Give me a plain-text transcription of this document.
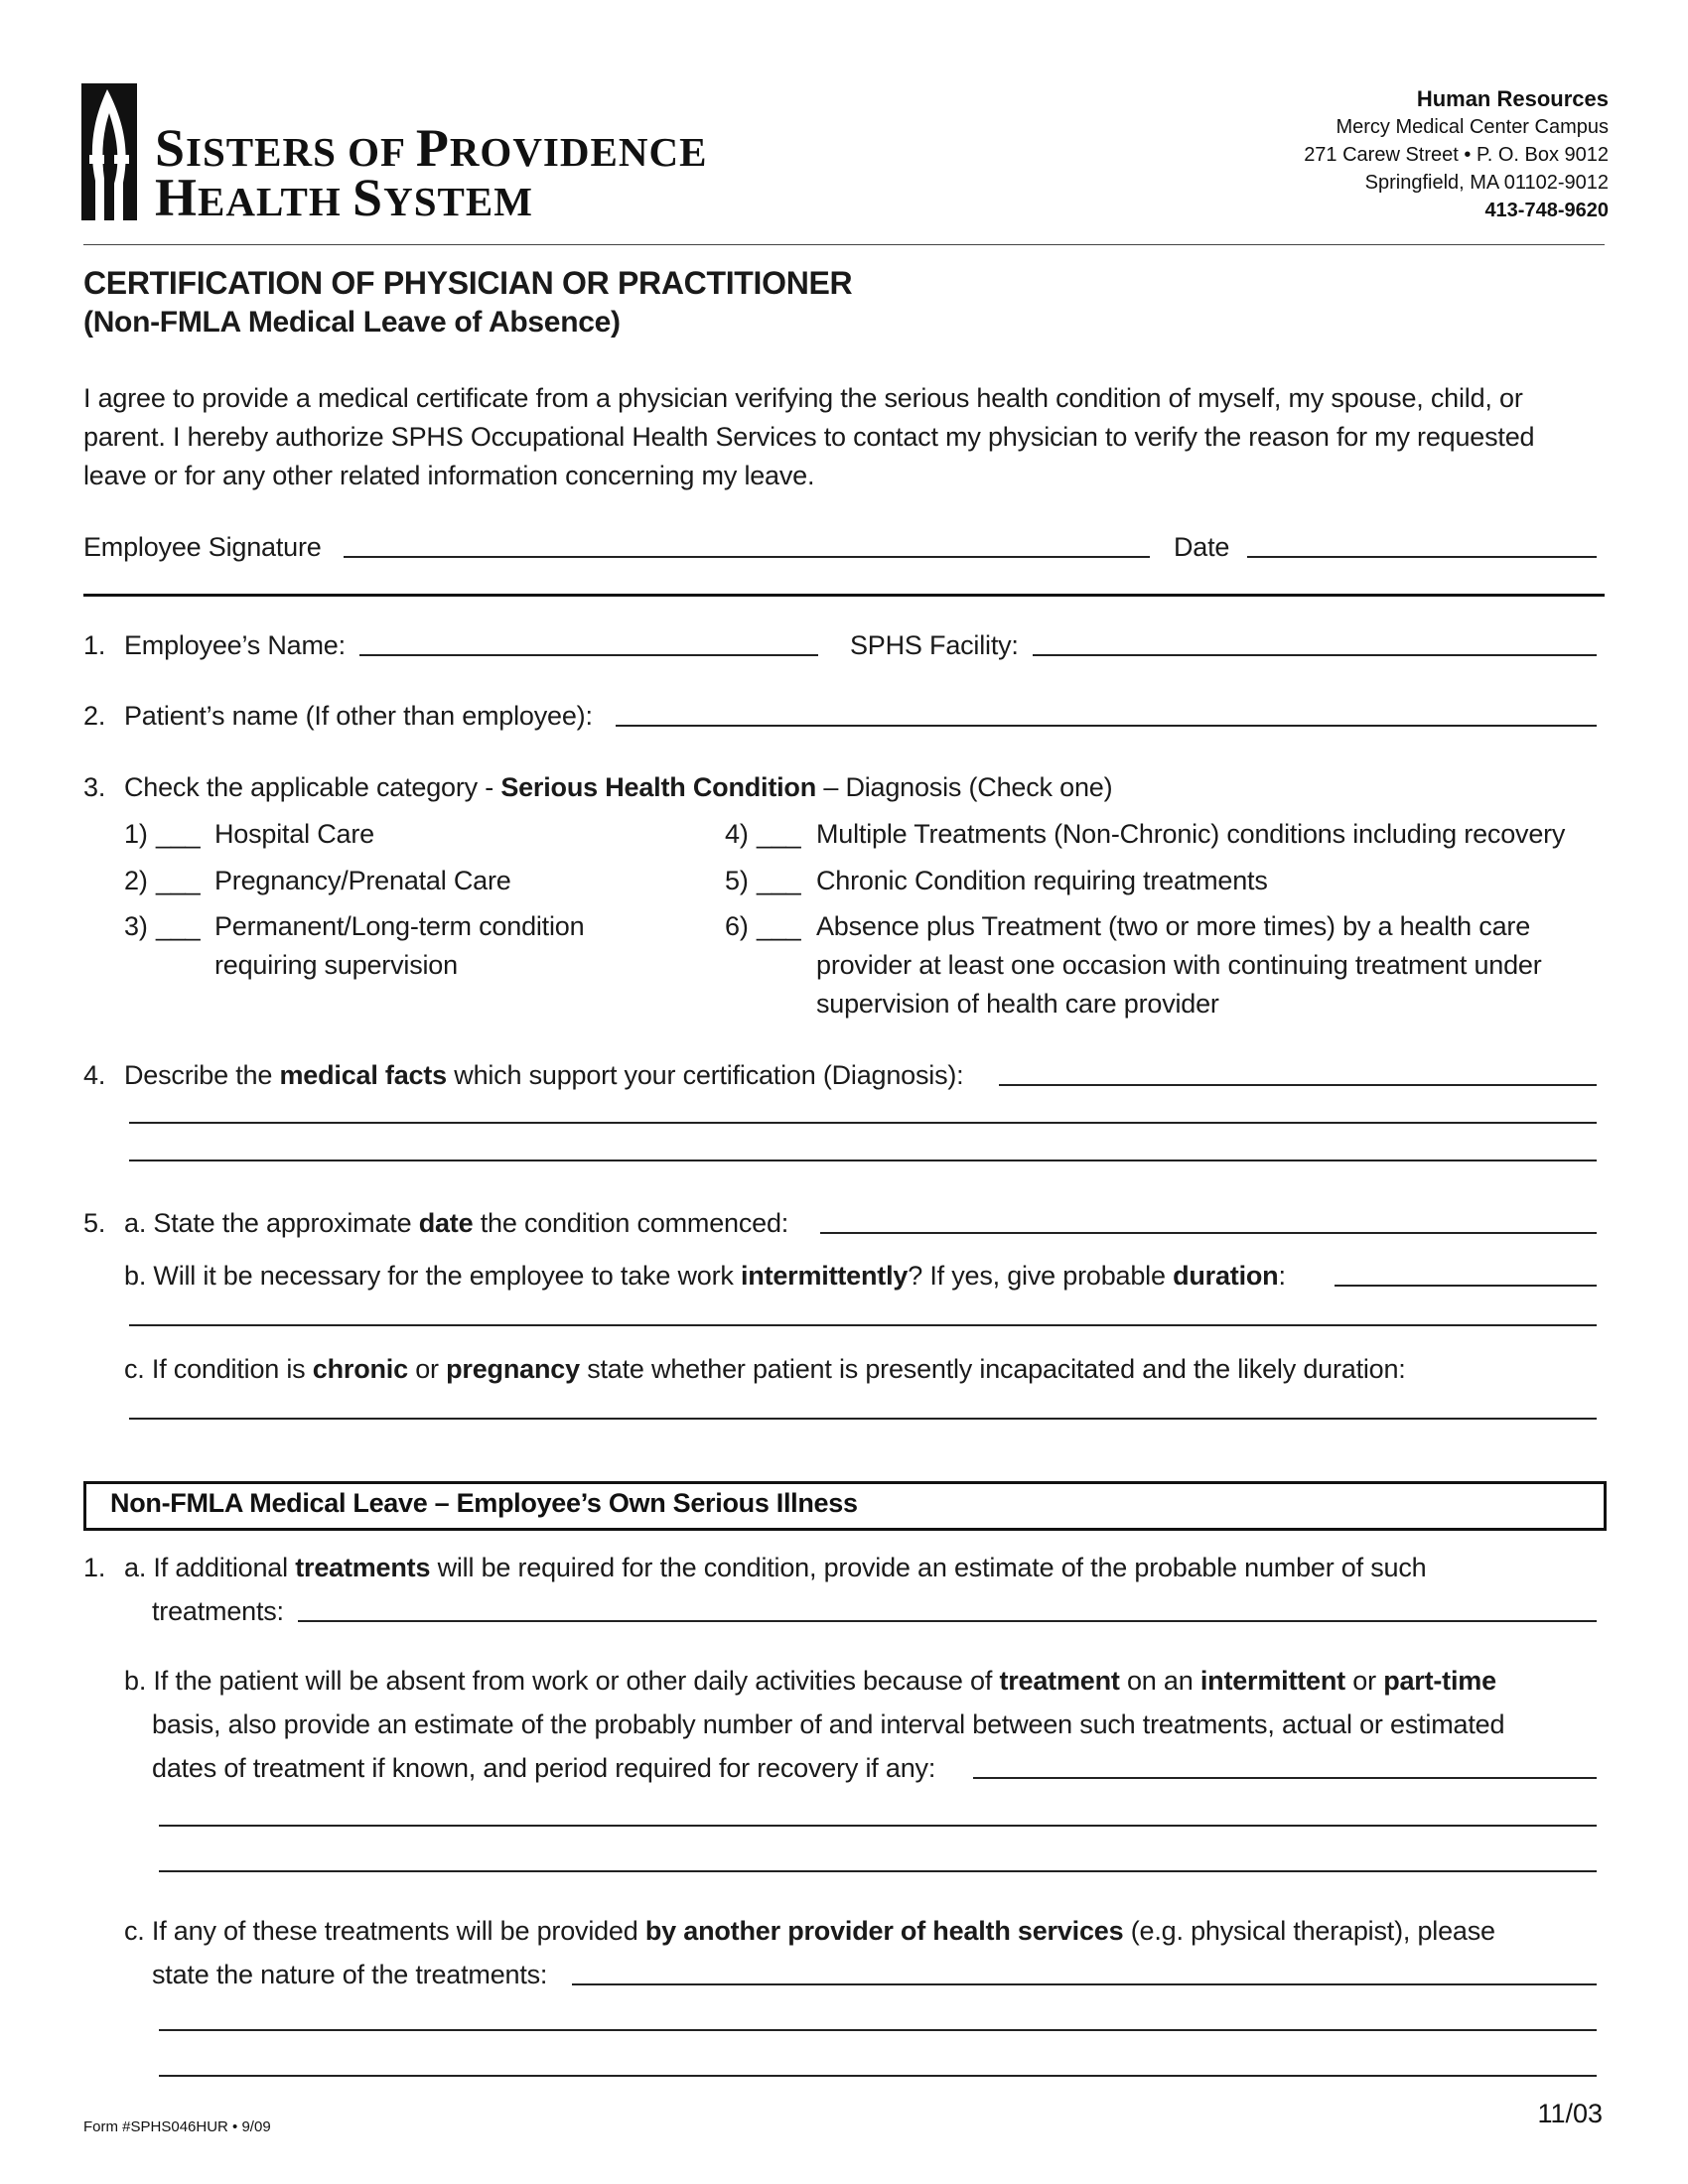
SISTERS OF PROVIDENCE
HEALTH SYSTEM
Human Resources
Mercy Medical Center Campus
271 Carew Street • P. O. Box 9012
Springfield, MA 01102-9012
413-748-9620
CERTIFICATION OF PHYSICIAN OR PRACTITIONER
(Non-FMLA Medical Leave of Absence)
I agree to provide a medical certificate from a physician verifying the serious health condition of myself, my spouse, child, or
parent. I hereby authorize SPHS Occupational Health Services to contact my physician to verify the reason for my requested
leave or for any other related information concerning my leave.
Employee Signature	Date
1. Employee’s Name:	SPHS Facility:
2. Patient’s name (If other than employee):
3. Check the applicable category - Serious Health Condition – Diagnosis (Check one)
1) ___ Hospital Care
2) ___ Pregnancy/Prenatal Care
3) ___ Permanent/Long-term condition
requiring supervision
4) ___ Multiple Treatments (Non-Chronic) conditions including recovery
5) ___ Chronic Condition requiring treatments
6) ___ Absence plus Treatment (two or more times) by a health care
provider at least one occasion with continuing treatment under
supervision of health care provider
4. Describe the medical facts which support your certification (Diagnosis):
5. a. State the approximate date the condition commenced:
b. Will it be necessary for the employee to take work intermittently? If yes, give probable duration:
c. If condition is chronic or pregnancy state whether patient is presently incapacitated and the likely duration:
Non-FMLA Medical Leave – Employee’s Own Serious Illness
1. a. If additional treatments will be required for the condition, provide an estimate of the probable number of such
treatments:
b. If the patient will be absent from work or other daily activities because of treatment on an intermittent or part-time
basis, also provide an estimate of the probably number of and interval between such treatments, actual or estimated
dates of treatment if known, and period required for recovery if any:
c. If any of these treatments will be provided by another provider of health services (e.g. physical therapist), please
state the nature of the treatments:
Form #SPHS046HUR • 9/09	11/03
